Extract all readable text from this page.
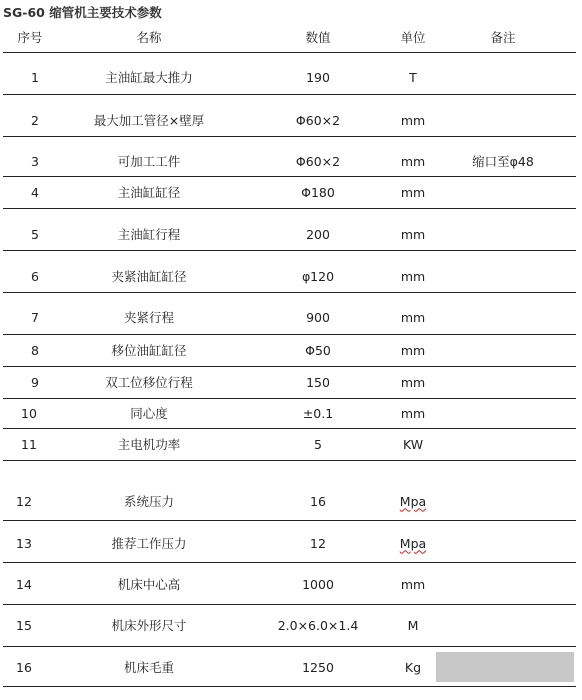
SG-60 缩管机主要技术参数
序号	名称	数值	单位	备注
1	主油缸最大推力	190	T
2	最大加工管径×壁厚	Φ60×2	mm
3	可加工工件	Φ60×2	mm	缩口至φ48
4	主油缸缸径	Φ180	mm
5	主油缸行程	200	mm
6	夹紧油缸缸径	φ120	mm
7	夹紧行程	900	mm
8	移位油缸缸径	Φ50	mm
9	双工位移位行程	150	mm
10	同心度	±0.1	mm
11	主电机功率	5	KW
12	系统压力	16	Mpa
13	推荐工作压力	12	Mpa
14	机床中心高	1000	mm
15	机床外形尺寸	2.0×6.0×1.4	M
16	机床毛重	1250	Kg
